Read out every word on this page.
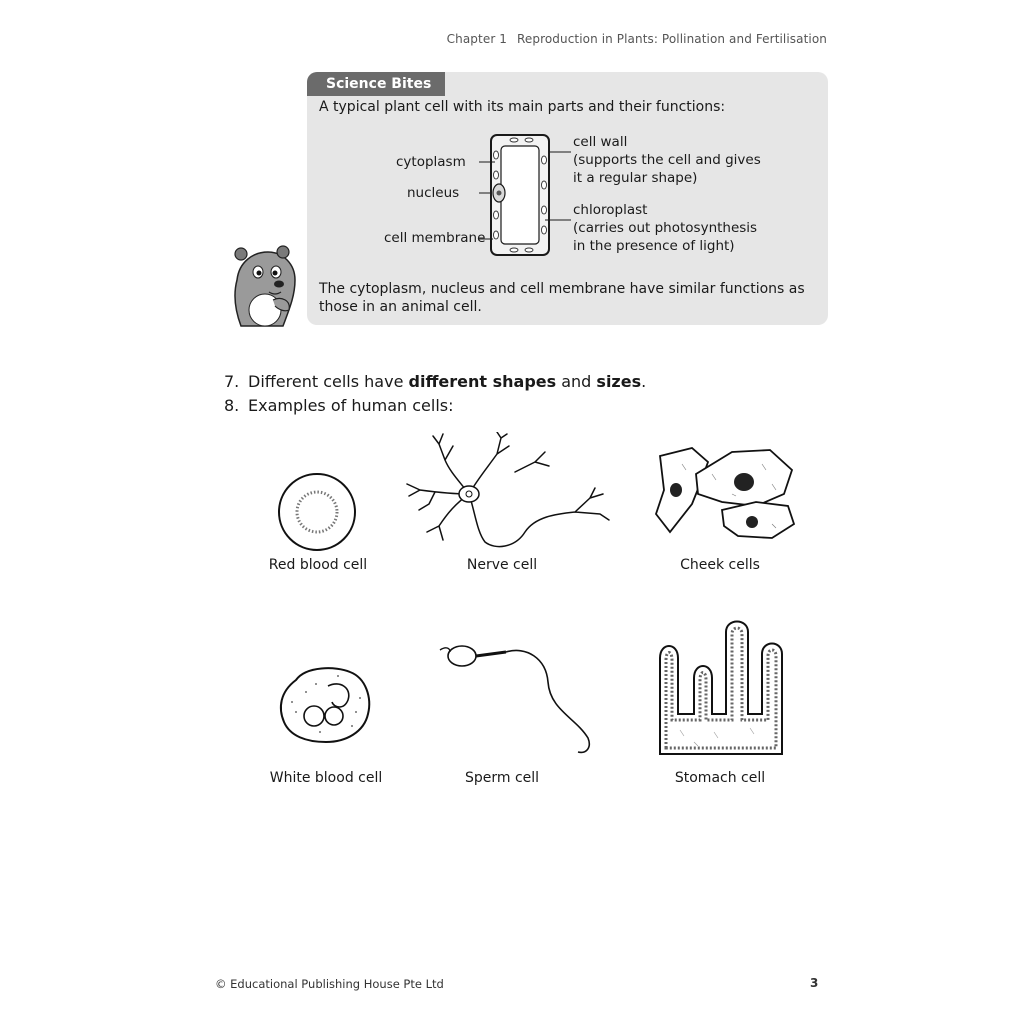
Chapter 1 Reproduction in Plants: Pollination and Fertilisation
Science Bites
A typical plant cell with its main parts and their functions:
cytoplasm
nucleus
cell membrane
cell wall
(supports the cell and gives
it a regular shape)
chloroplast
(carries out photosynthesis
in the presence of light)
The cytoplasm, nucleus and cell membrane have similar functions as those in an animal cell.
7. Different cells have different shapes and sizes.
8. Examples of human cells:
Red blood cell	Nerve cell	Cheek cells
White blood cell	Sperm cell	Stomach cell
© Educational Publishing House Pte Ltd	3
